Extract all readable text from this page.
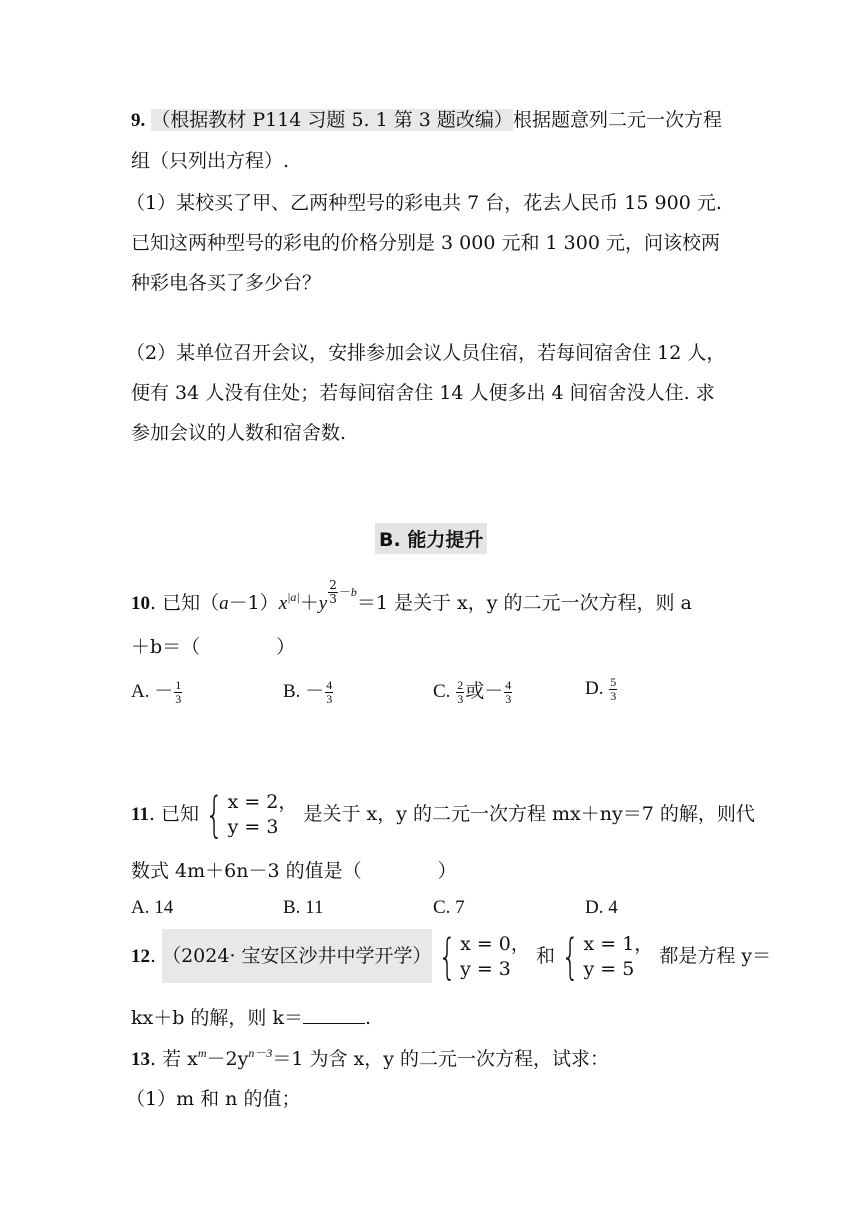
9. （根据教材 P114 习题 5. 1 第 3 题改编）根据题意列二元一次方程
组（只列出方程）.
（1）某校买了甲、乙两种型号的彩电共 7 台，花去人民币 15 900 元.
已知这两种型号的彩电的价格分别是 3 000 元和 1 300 元，问该校两
种彩电各买了多少台？
（2）某单位召开会议，安排参加会议人员住宿，若每间宿舍住 12 人，
便有 34 人没有住处；若每间宿舍住 14 人便多出 4 间宿舍没人住. 求
参加会议的人数和宿舍数.
B. 能力提升
10. 已知$(a-1)x^{|a|}+y$ $^{\frac{2}{3} -b}$＝1 是关于 x，y 的二元一次方程，则 a
＋b＝（　　　　）
A. － $\frac{1}{3}$	B. － $\frac{4}{3}$	C. $\frac{2}{3}$ 或－ $\frac{4}{3}$	D. $\frac{5}{3}$
11. 已知 { x = 2，
y = 3
是关于 x，y 的二元一次方程 mx＋ny＝7 的解，则代
数式 4m＋6n－3 的值是（　　　　）
A. 14	B. 11	C. 7	D. 4
12. （2024· 宝安区沙井中学开学） { x = 0，
y = 3
和 { x = 1，
y = 5
都是方程 y＝
kx＋b 的解，则 k＝	.
13. 若 $x^m-2y^{n-3}=1$ 为含 x，y 的二元一次方程，试求：
（1）m 和 n 的值；
